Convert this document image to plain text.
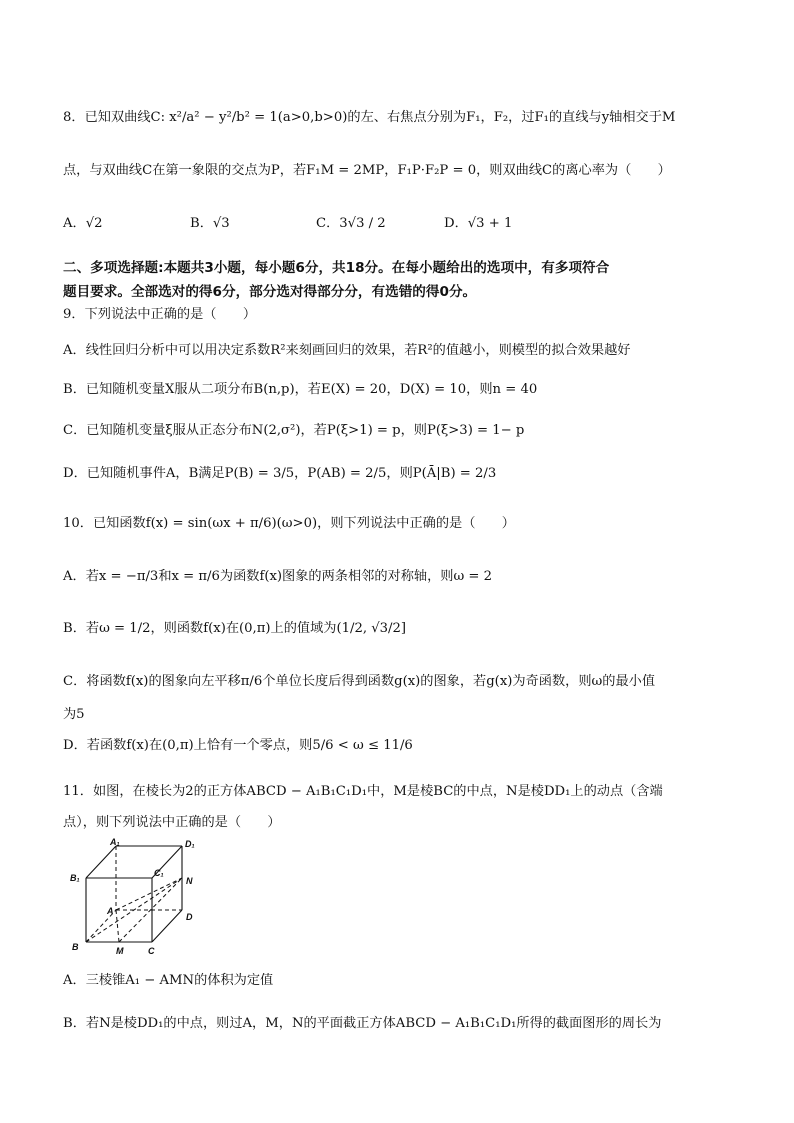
8．已知双曲线C: x²/a² − y²/b² = 1(a>0,b>0)的左、右焦点分别为F₁，F₂，过F₁的直线与y轴相交于M
点，与双曲线C在第一象限的交点为P，若F₁M = 2MP，F₁P·F₂P = 0，则双曲线C的离心率为（　　）
A．√2	B．√3	C．3√3 / 2	D．√3 + 1
二、多项选择题:本题共3小题，每小题6分，共18分。在每小题给出的选项中，有多项符合
题目要求。全部选对的得6分，部分选对得部分分，有选错的得0分。
9．下列说法中正确的是（　　）
A．线性回归分析中可以用决定系数R²来刻画回归的效果，若R²的值越小，则模型的拟合效果越好
B．已知随机变量X服从二项分布B(n,p)，若E(X) = 20，D(X) = 10，则n = 40
C．已知随机变量ξ服从正态分布N(2,σ²)，若P(ξ>1) = p，则P(ξ>3) = 1− p
D．已知随机事件A，B满足P(B) = 3/5，P(AB) = 2/5，则P(Ā|B) = 2/3
10．已知函数f(x) = sin(ωx + π/6)(ω>0)，则下列说法中正确的是（　　）
A．若x = −π/3和x = π/6为函数f(x)图象的两条相邻的对称轴，则ω = 2
B．若ω = 1/2，则函数f(x)在(0,π)上的值域为(1/2, √3/2]
C．将函数f(x)的图象向左平移π/6个单位长度后得到函数g(x)的图象，若g(x)为奇函数，则ω的最小值
为5
D．若函数f(x)在(0,π)上恰有一个零点，则5/6 < ω ≤ 11/6
11．如图，在棱长为2的正方体ABCD − A₁B₁C₁D₁中，M是棱BC的中点，N是棱DD₁上的动点（含端
点），则下列说法中正确的是（　　）
A₁	D₁
B₁	C₁
N
A
D
B	M	C
A．三棱锥A₁ − AMN的体积为定值
B．若N是棱DD₁的中点，则过A，M，N的平面截正方体ABCD − A₁B₁C₁D₁所得的截面图形的周长为
